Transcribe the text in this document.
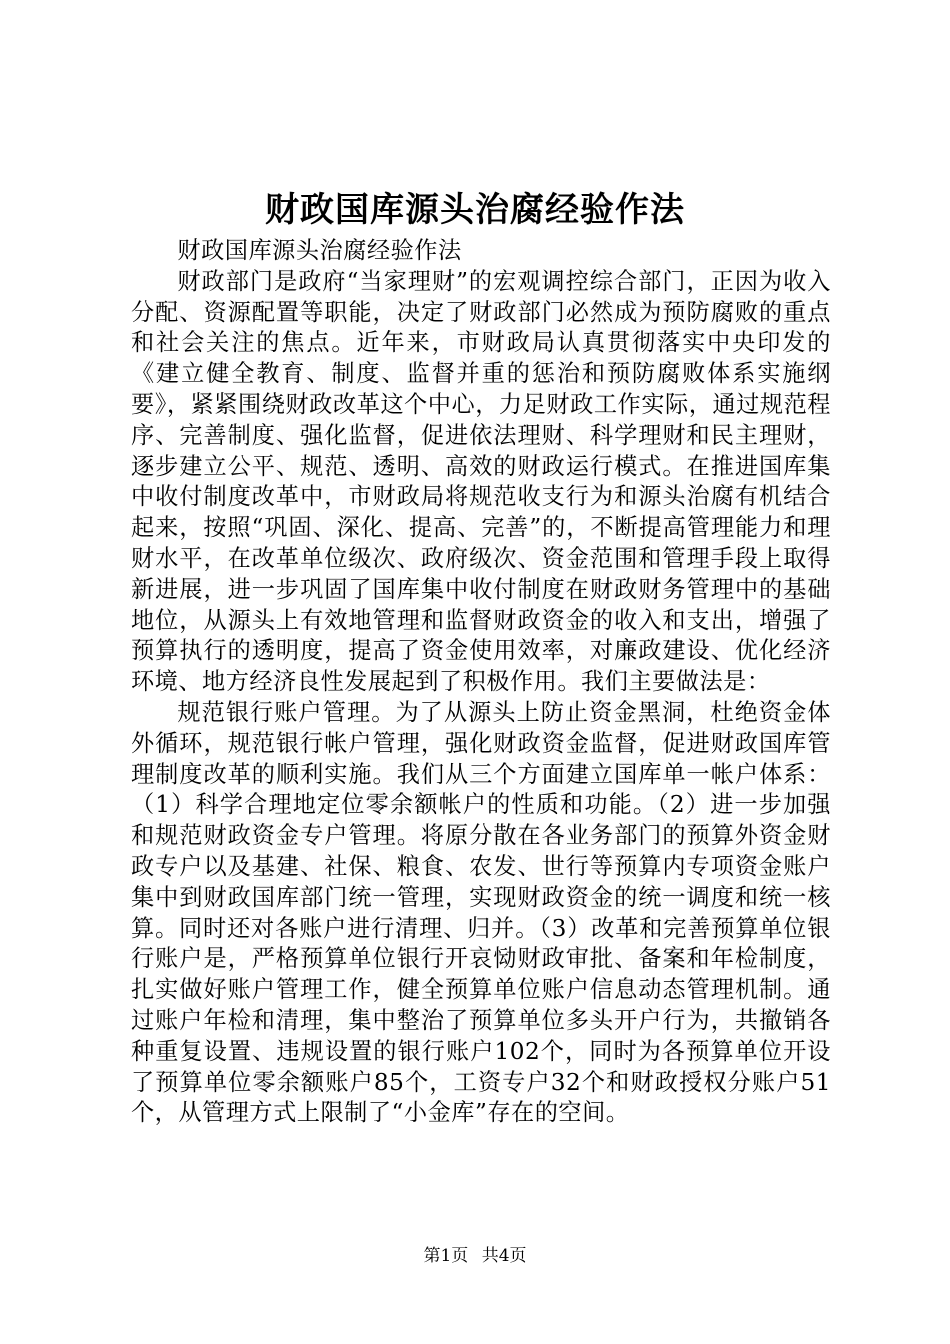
财政国库源头治腐经验作法

财政国库源头治腐经验作法

财政部门是政府“当家理财”的宏观调控综合部门，正因为收入分配、资源配置等职能，决定了财政部门必然成为预防腐败的重点和社会关注的焦点。近年来，市财政局认真贯彻落实中央印发的《建立健全教育、制度、监督并重的惩治和预防腐败体系实施纲要》，紧紧围绕财政改革这个中心，力足财政工作实际，通过规范程序、完善制度、强化监督，促进依法理财、科学理财和民主理财，逐步建立公平、规范、透明、高效的财政运行模式。在推进国库集中收付制度改革中，市财政局将规范收支行为和源头治腐有机结合起来，按照“巩固、深化、提高、完善”的，不断提高管理能力和理财水平，在改革单位级次、政府级次、资金范围和管理手段上取得新进展，进一步巩固了国库集中收付制度在财政财务管理中的基础地位，从源头上有效地管理和监督财政资金的收入和支出，增强了预算执行的透明度，提高了资金使用效率，对廉政建设、优化经济环境、地方经济良性发展起到了积极作用。我们主要做法是：

规范银行账户管理。为了从源头上防止资金黑洞，杜绝资金体外循环，规范银行帐户管理，强化财政资金监督，促进财政国库管理制度改革的顺利实施。我们从三个方面建立国库单一帐户体系：（1）科学合理地定位零余额帐户的性质和功能。（2）进一步加强和规范财政资金专户管理。将原分散在各业务部门的预算外资金财政专户以及基建、社保、粮食、农发、世行等预算内专项资金账户集中到财政国库部门统一管理，实现财政资金的统一调度和统一核算。同时还对各账户进行清理、归并。（3）改革和完善预算单位银行账户是，严格预算单位银行开哀恸财政审批、备案和年检制度，扎实做好账户管理工作，健全预算单位账户信息动态管理机制。通过账户年检和清理，集中整治了预算单位多头开户行为，共撤销各种重复设置、违规设置的银行账户102个，同时为各预算单位开设了预算单位零余额账户85个，工资专户32个和财政授权分账户51个，从管理方式上限制了“小金库”存在的空间。

第1页 共4页
